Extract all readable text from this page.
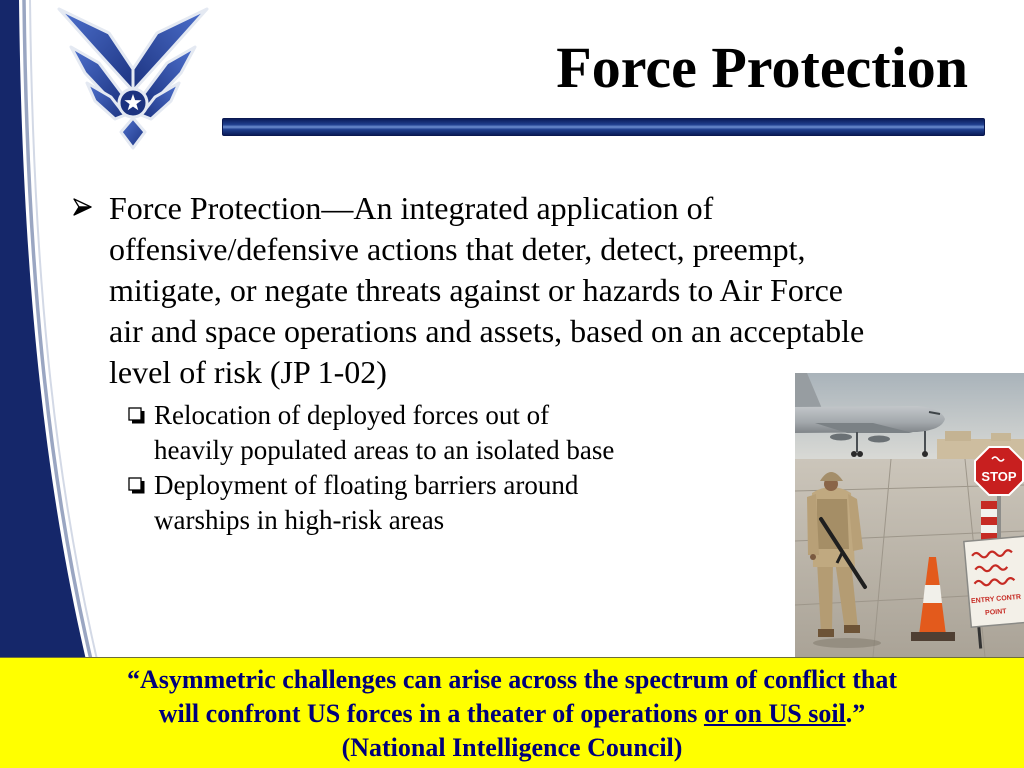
Force Protection
Force Protection—An integrated application of
offensive/defensive actions that deter, detect, preempt,
mitigate, or negate threats against or hazards to Air Force
air and space operations and assets, based on an acceptable
level of risk (JP 1-02)
Relocation of deployed forces out of
heavily populated areas to an isolated base
Deployment of floating barriers around
warships in high-risk areas
STOP
ENTRY CONTR
POINT
“Asymmetric challenges can arise across the spectrum of conflict that
will confront US forces in a theater of operations or on US soil.”
(National Intelligence Council)
